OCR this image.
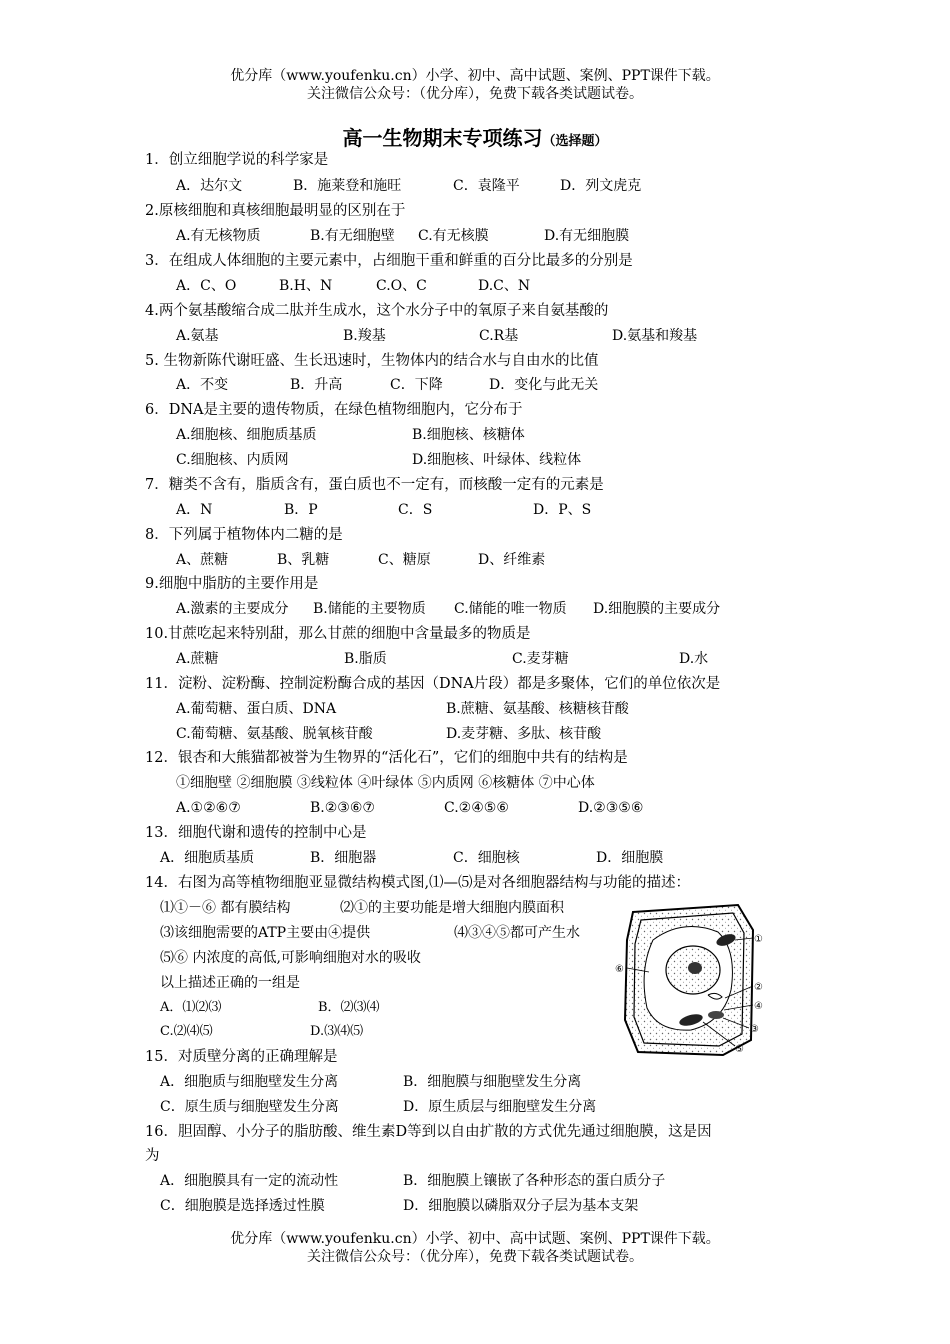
优分库（www.youfenku.cn）小学、初中、高中试题、案例、PPT课件下载。
关注微信公众号：（优分库），免费下载各类试题试卷。
高一生物期末专项练习（选择题）
1．创立细胞学说的科学家是
A．达尔文	B．施莱登和施旺	C．袁隆平	D．列文虎克
2.原核细胞和真核细胞最明显的区别在于
A.有无核物质	B.有无细胞壁 C.有无核膜	D.有无细胞膜
3．在组成人体细胞的主要元素中，占细胞干重和鲜重的百分比最多的分别是
A．C、O	B.H、N	C.O、C	D.C、N
4.两个氨基酸缩合成二肽并生成水，这个水分子中的氧原子来自氨基酸的
A.氨基	B.羧基	C.R基	D.氨基和羧基
5. 生物新陈代谢旺盛、生长迅速时，生物体内的结合水与自由水的比值
A．不变	B．升高	C．下降	D．变化与此无关
6．DNA是主要的遗传物质，在绿色植物细胞内，它分布于
A.细胞核、细胞质基质	B.细胞核、核糖体
C.细胞核、内质网	D.细胞核、叶绿体、线粒体
7．糖类不含有，脂质含有，蛋白质也不一定有，而核酸一定有的元素是
A．N	B．P	C．S	D．P、S
8．下列属于植物体内二糖的是
A、蔗糖	B、乳糖	C、糖原	D、纤维素
9.细胞中脂肪的主要作用是
A.激素的主要成分 B.储能的主要物质 C.储能的唯一物质 D.细胞膜的主要成分
10.甘蔗吃起来特别甜，那么甘蔗的细胞中含量最多的物质是
A.蔗糖	B.脂质	C.麦芽糖	D.水
11．淀粉、淀粉酶、控制淀粉酶合成的基因（DNA片段）都是多聚体，它们的单位依次是
A.葡萄糖、蛋白质、DNA	B.蔗糖、氨基酸、核糖核苷酸
C.葡萄糖、氨基酸、脱氧核苷酸	D.麦芽糖、多肽、核苷酸
12．银杏和大熊猫都被誉为生物界的“活化石”，它们的细胞中共有的结构是
①细胞壁 ②细胞膜 ③线粒体 ④叶绿体 ⑤内质网 ⑥核糖体 ⑦中心体
A.①②⑥⑦	B.②③⑥⑦	C.②④⑤⑥	D.②③⑤⑥
13．细胞代谢和遗传的控制中心是
A．细胞质基质	B．细胞器	C．细胞核	D．细胞膜
14．右图为高等植物细胞亚显微结构模式图,⑴—⑸是对各细胞器结构与功能的描述：
⑴①－⑥ 都有膜结构	⑵①的主要功能是增大细胞内膜面积
⑶该细胞需要的ATP主要由④提供	⑷③④⑤都可产生水
⑸⑥ 内浓度的高低,可影响细胞对水的吸收
以上描述正确的一组是
A．⑴⑵⑶	B．⑵⑶⑷
C.⑵⑷⑸	D.⑶⑷⑸
①
②
④
③
⑤
⑥
15．对质壁分离的正确理解是
A．细胞质与细胞壁发生分离	B．细胞膜与细胞壁发生分离
C．原生质与细胞壁发生分离	D．原生质层与细胞壁发生分离
16．胆固醇、小分子的脂肪酸、维生素D等到以自由扩散的方式优先通过细胞膜，这是因
为
A．细胞膜具有一定的流动性	B．细胞膜上镶嵌了各种形态的蛋白质分子
C．细胞膜是选择透过性膜	D．细胞膜以磷脂双分子层为基本支架
优分库（www.youfenku.cn）小学、初中、高中试题、案例、PPT课件下载。
关注微信公众号：（优分库），免费下载各类试题试卷。
